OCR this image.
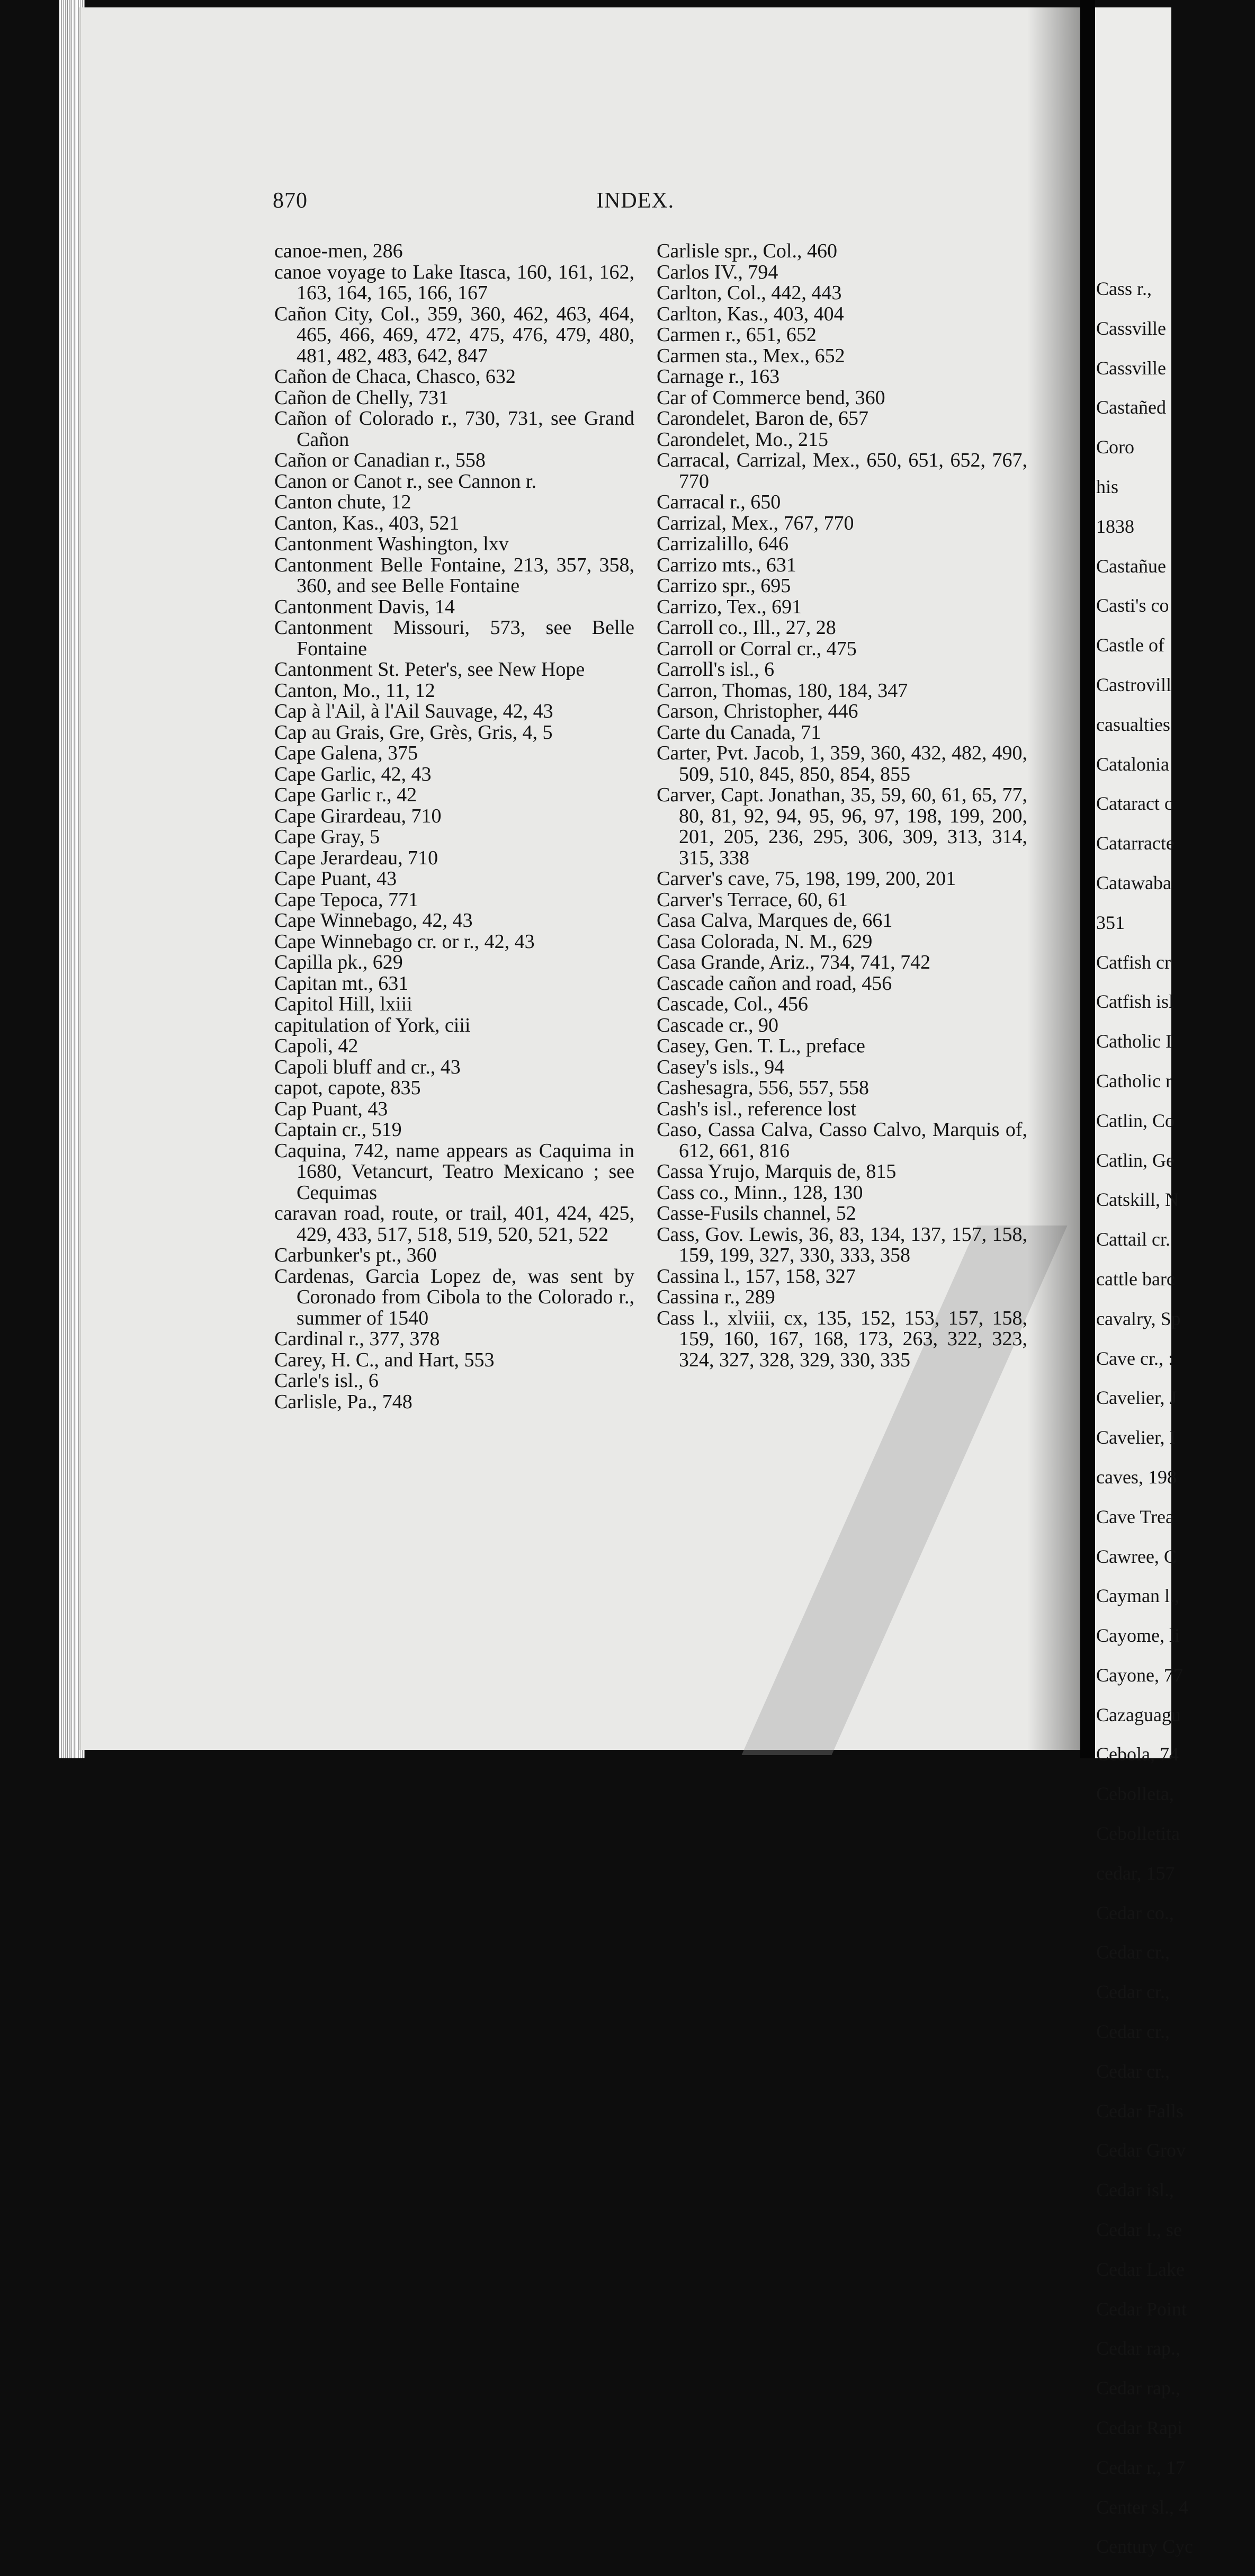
870	INDEX.

canoe-men, 286

canoe voyage to Lake Itasca, 160, 161, 162, 163, 164, 165, 166, 167

Cañon City, Col., 359, 360, 462, 463, 464, 465, 466, 469, 472, 475, 476, 479, 480, 481, 482, 483, 642, 847

Cañon de Chaca, Chasco, 632

Cañon de Chelly, 731

Cañon of Colorado r., 730, 731, see Grand Cañon

Cañon or Canadian r., 558

Canon or Canot r., see Cannon r.

Canton chute, 12

Canton, Kas., 403, 521

Cantonment Washington, lxv

Cantonment Belle Fontaine, 213, 357, 358, 360, and see Belle Fontaine

Cantonment Davis, 14

Cantonment Missouri, 573, see Belle Fontaine

Cantonment St. Peter's, see New Hope

Canton, Mo., 11, 12

Cap à l'Ail, à l'Ail Sauvage, 42, 43

Cap au Grais, Gre, Grès, Gris, 4, 5

Cape Galena, 375

Cape Garlic, 42, 43

Cape Garlic r., 42

Cape Girardeau, 710

Cape Gray, 5

Cape Jerardeau, 710

Cape Puant, 43

Cape Tepoca, 771

Cape Winnebago, 42, 43

Cape Winnebago cr. or r., 42, 43

Capilla pk., 629

Capitan mt., 631

Capitol Hill, lxiii

capitulation of York, ciii

Capoli, 42

Capoli bluff and cr., 43

capot, capote, 835

Cap Puant, 43

Captain cr., 519

Caquina, 742, name appears as Caquima in 1680, Vetancurt, Teatro Mexicano ; see Cequimas

caravan road, route, or trail, 401, 424, 425, 429, 433, 517, 518, 519, 520, 521, 522

Carbunker's pt., 360

Cardenas, Garcia Lopez de, was sent by Coronado from Cibola to the Colorado r., summer of 1540

Cardinal r., 377, 378

Carey, H. C., and Hart, 553

Carle's isl., 6

Carlisle, Pa., 748

Carlisle spr., Col., 460

Carlos IV., 794

Carlton, Col., 442, 443

Carlton, Kas., 403, 404

Carmen r., 651, 652

Carmen sta., Mex., 652

Carnage r., 163

Car of Commerce bend, 360

Carondelet, Baron de, 657

Carondelet, Mo., 215

Carracal, Carrizal, Mex., 650, 651, 652, 767, 770

Carracal r., 650

Carrizal, Mex., 767, 770

Carrizalillo, 646

Carrizo mts., 631

Carrizo spr., 695

Carrizo, Tex., 691

Carroll co., Ill., 27, 28

Carroll or Corral cr., 475

Carroll's isl., 6

Carron, Thomas, 180, 184, 347

Carson, Christopher, 446

Carte du Canada, 71

Carter, Pvt. Jacob, 1, 359, 360, 432, 482, 490, 509, 510, 845, 850, 854, 855

Carver, Capt. Jonathan, 35, 59, 60, 61, 65, 77, 80, 81, 92, 94, 95, 96, 97, 198, 199, 200, 201, 205, 236, 295, 306, 309, 313, 314, 315, 338

Carver's cave, 75, 198, 199, 200, 201

Carver's Terrace, 60, 61

Casa Calva, Marques de, 661

Casa Colorada, N. M., 629

Casa Grande, Ariz., 734, 741, 742

Cascade cañon and road, 456

Cascade, Col., 456

Cascade cr., 90

Casey, Gen. T. L., preface

Casey's isls., 94

Cashesagra, 556, 557, 558

Cash's isl., reference lost

Caso, Cassa Calva, Casso Calvo, Marquis of, 612, 661, 816

Cassa Yrujo, Marquis de, 815

Cass co., Minn., 128, 130

Casse-Fusils channel, 52

Cass, Gov. Lewis, 36, 83, 134, 137, 157, 158, 159, 199, 327, 330, 333, 358

Cassina l., 157, 158, 327

Cassina r., 289

Cass l., xlviii, cx, 135, 152, 153, 157, 158, 159, 160, 167, 168, 173, 263, 322, 323, 324, 327, 328, 329, 330, 335

Cass r.,

Cassville

Cassville

Castañed

Coro

his

1838

Castañue

Casti's co

Castle of

Castrovill

casualties

Catalonia

Cataract c

Catarracte

Catawaba

351

Catfish cr

Catfish isl

Catholic I

Catholic r

Catlin, Co

Catlin, Ge

Catskill, N

Cattail cr.

cattle barc

cavalry, Sp

Cave cr., :

Cavelier, J

Cavelier, I

caves, 198

Cave Trea

Cawree, C

Cayman l.,

Cayome, li

Cayone, 77

Cazaguagu

Cebola, 74

Cebolleta,

Cebolletita

cedar, 157

Cedar co.,

Cedar cr.,

Cedar cr.,

Cedar cr.,

Cedar cr.,

Cedar Falls

Cedar Grov

Cedar isl.,

Cedar l., se

Cedar Lake

Cedar Point

Cedar rap.,

Cedar rap.,

Cedar Rapi

Cedar r., 17

Center sl., 4

Century Cyc
